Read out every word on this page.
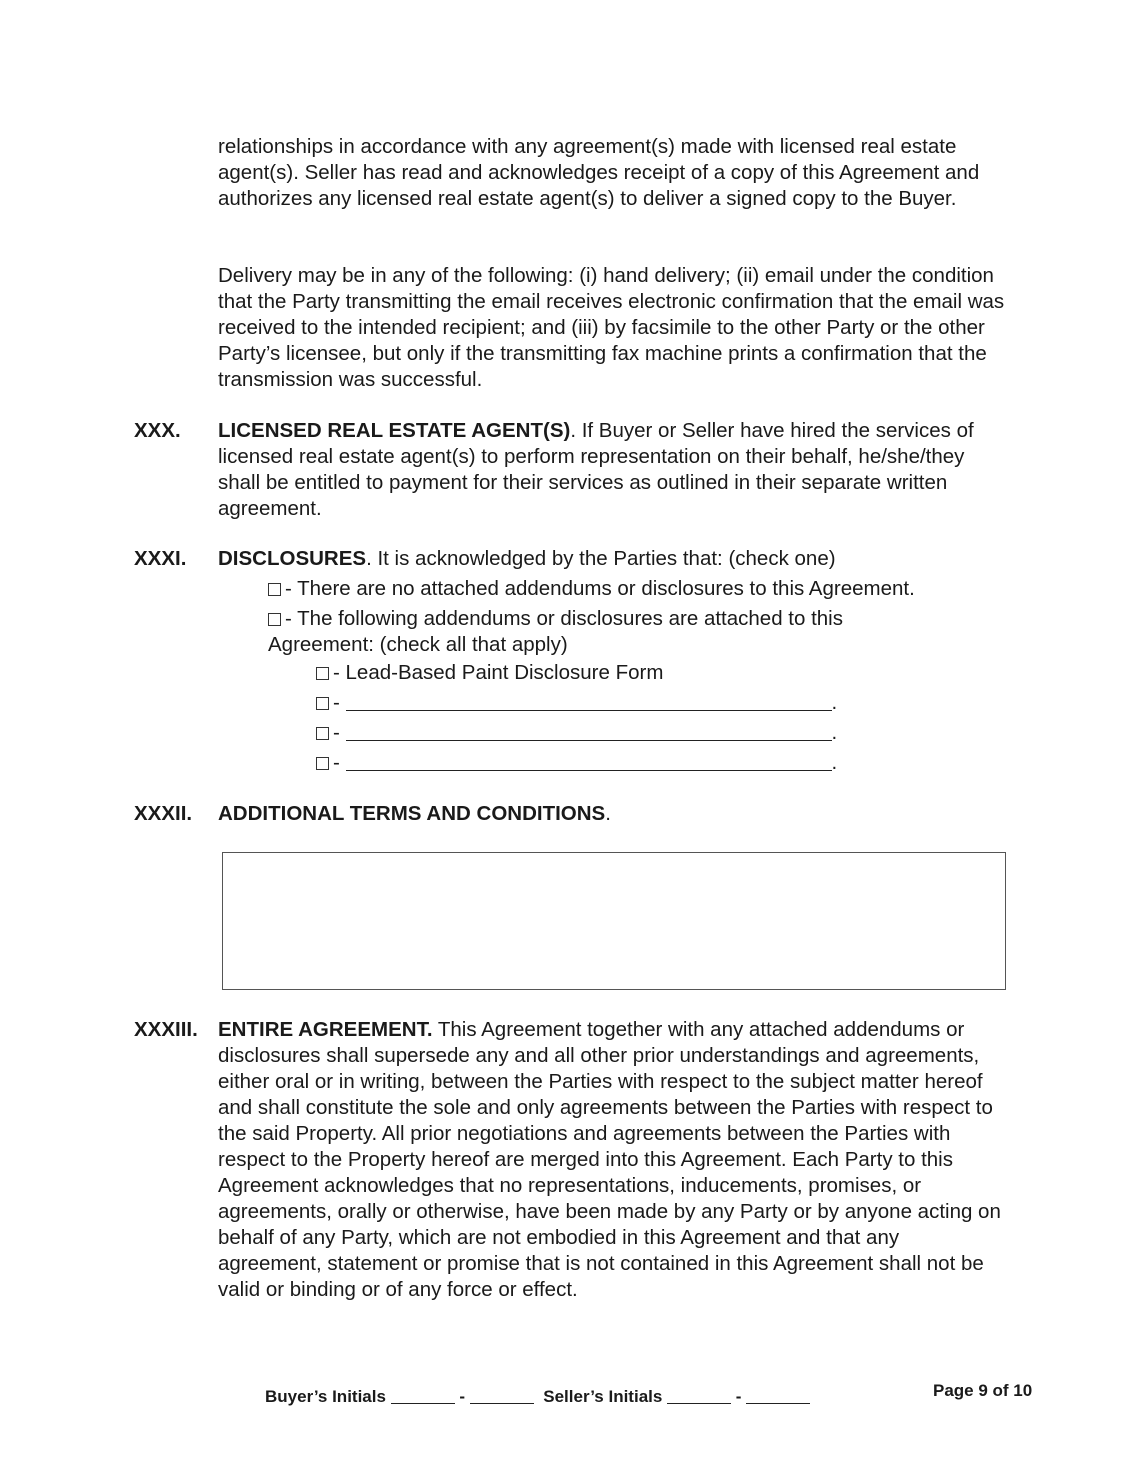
relationships in accordance with any agreement(s) made with licensed real estate agent(s). Seller has read and acknowledges receipt of a copy of this Agreement and authorizes any licensed real estate agent(s) to deliver a signed copy to the Buyer.
Delivery may be in any of the following: (i) hand delivery; (ii) email under the condition that the Party transmitting the email receives electronic confirmation that the email was received to the intended recipient; and (iii) by facsimile to the other Party or the other Party’s licensee, but only if the transmitting fax machine prints a confirmation that the transmission was successful.
XXX. LICENSED REAL ESTATE AGENT(S). If Buyer or Seller have hired the services of licensed real estate agent(s) to perform representation on their behalf, he/she/they shall be entitled to payment for their services as outlined in their separate written agreement.
XXXI. DISCLOSURES. It is acknowledged by the Parties that: (check one)
- There are no attached addendums or disclosures to this Agreement.
- The following addendums or disclosures are attached to this
Agreement: (check all that apply)
- Lead-Based Paint Disclosure Form
-	.
-	.
-	.
XXXII. ADDITIONAL TERMS AND CONDITIONS.
XXXIII. ENTIRE AGREEMENT. This Agreement together with any attached addendums or disclosures shall supersede any and all other prior understandings and agreements, either oral or in writing, between the Parties with respect to the subject matter hereof and shall constitute the sole and only agreements between the Parties with respect to the said Property. All prior negotiations and agreements between the Parties with respect to the Property hereof are merged into this Agreement. Each Party to this Agreement acknowledges that no representations, inducements, promises, or agreements, orally or otherwise, have been made by any Party or by anyone acting on behalf of any Party, which are not embodied in this Agreement and that any agreement, statement or promise that is not contained in this Agreement shall not be valid or binding or of any force or effect.
Buyer’s Initials	-	Seller’s Initials	-	Page 9 of 10
